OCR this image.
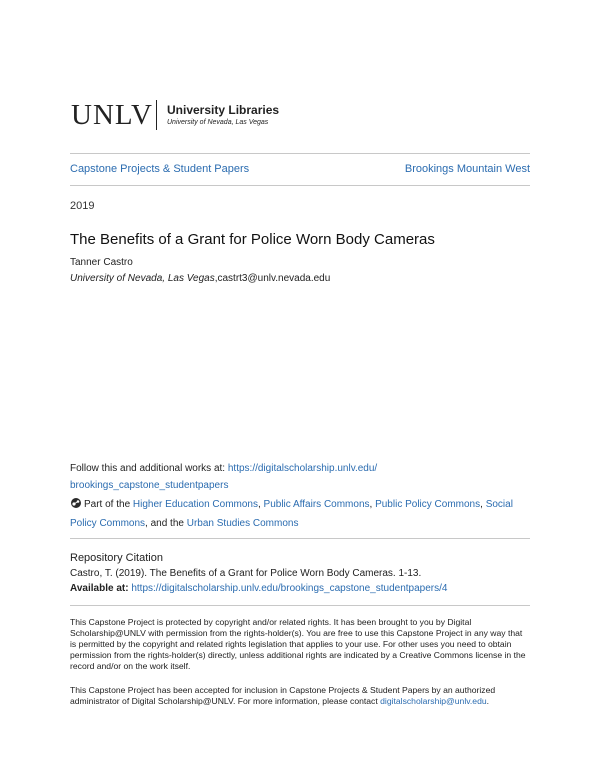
UNLV University Libraries
University of Nevada, Las Vegas
Capstone Projects & Student Papers	Brookings Mountain West
2019
The Benefits of a Grant for Police Worn Body Cameras
Tanner Castro
University of Nevada, Las Vegas,castrt3@unlv.nevada.edu
Follow this and additional works at: https://digitalscholarship.unlv.edu/
brookings_capstone_studentpapers
Part of the Higher Education Commons, Public Affairs Commons, Public Policy Commons, Social Policy Commons, and the Urban Studies Commons
Repository Citation
Castro, T. (2019). The Benefits of a Grant for Police Worn Body Cameras. 1-13.
Available at: https://digitalscholarship.unlv.edu/brookings_capstone_studentpapers/4
This Capstone Project is protected by copyright and/or related rights. It has been brought to you by Digital Scholarship@UNLV with permission from the rights-holder(s). You are free to use this Capstone Project in any way that is permitted by the copyright and related rights legislation that applies to your use. For other uses you need to obtain permission from the rights-holder(s) directly, unless additional rights are indicated by a Creative Commons license in the record and/or on the work itself.
This Capstone Project has been accepted for inclusion in Capstone Projects & Student Papers by an authorized administrator of Digital Scholarship@UNLV. For more information, please contact digitalscholarship@unlv.edu.
